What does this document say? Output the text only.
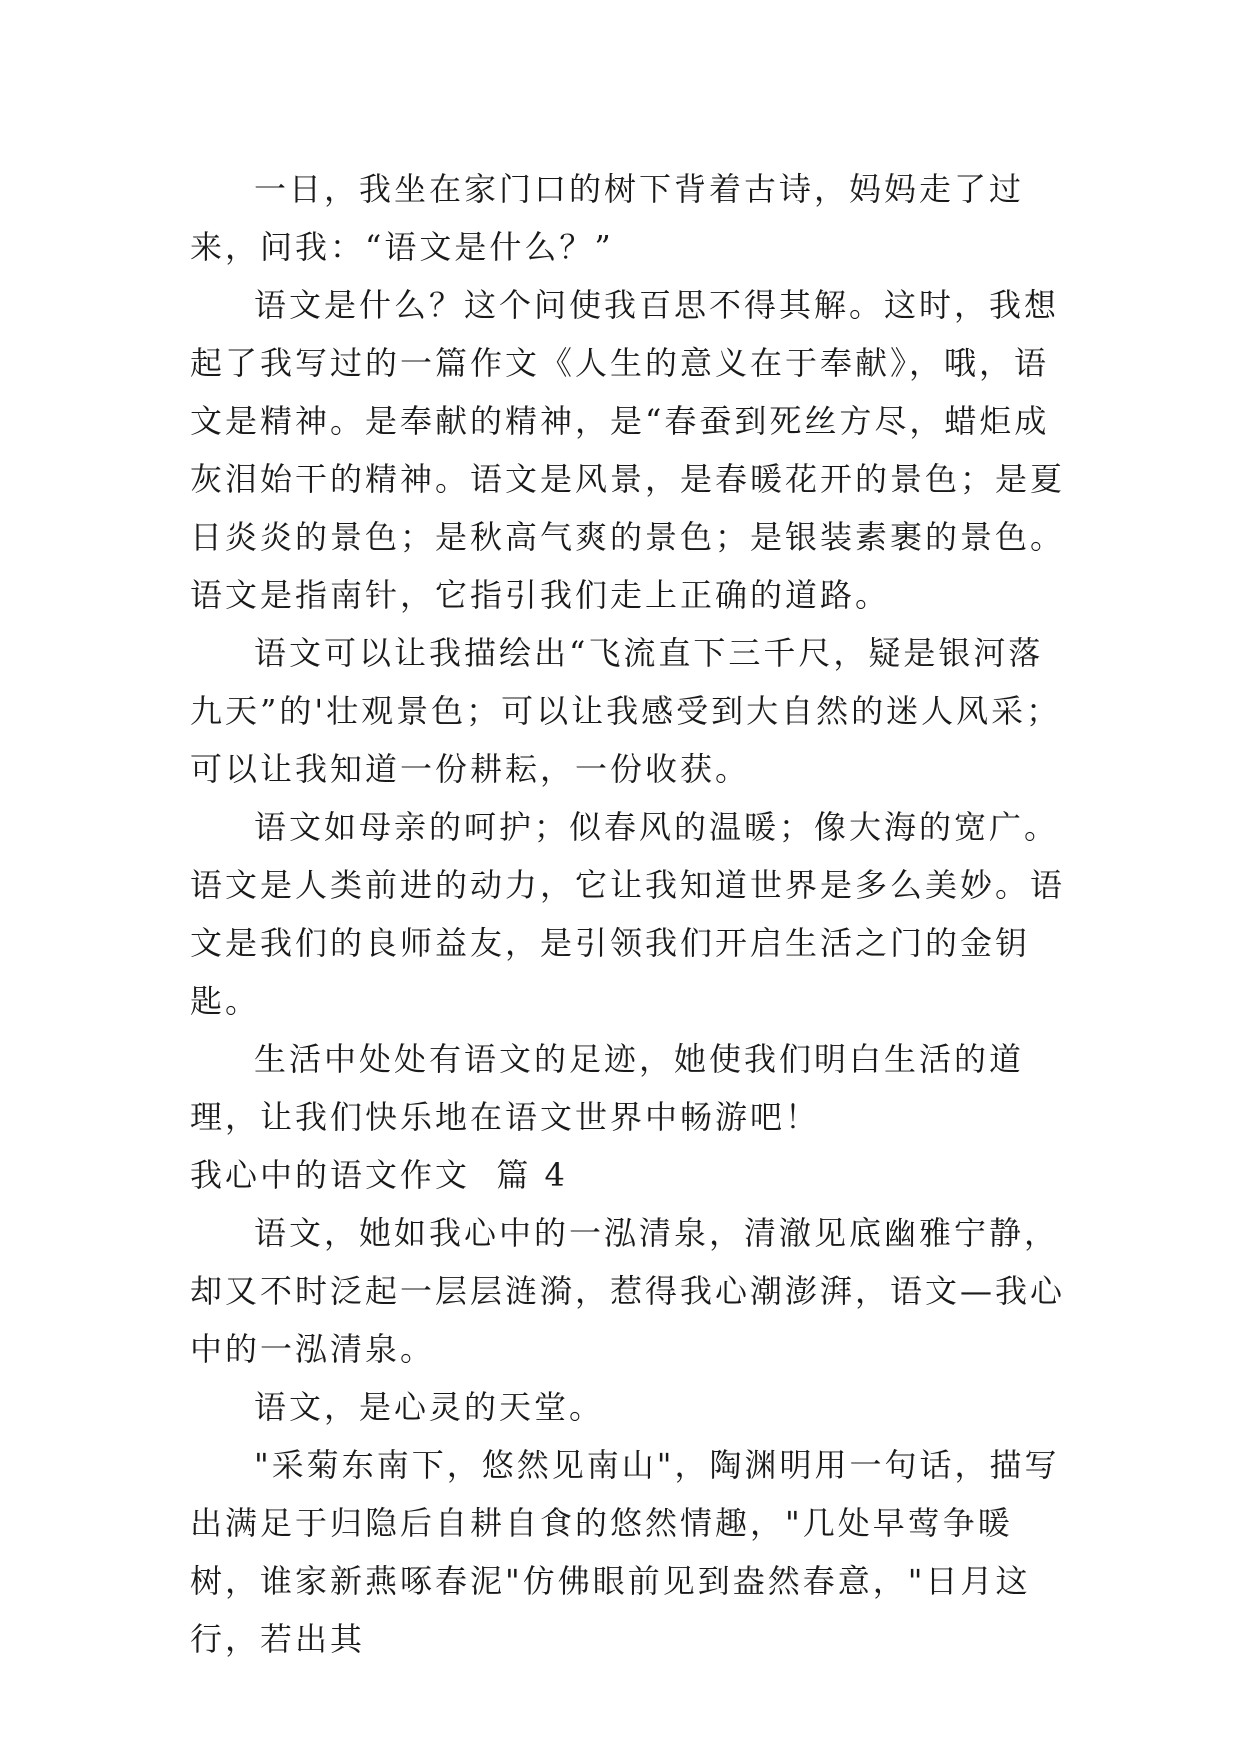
一日，我坐在家门口的树下背着古诗，妈妈走了过来，问我：“语文是什么？”

语文是什么？这个问使我百思不得其解。这时，我想起了我写过的一篇作文《人生的意义在于奉献》，哦，语文是精神。是奉献的精神，是“春蚕到死丝方尽，蜡炬成灰泪始干的精神。语文是风景，是春暖花开的景色；是夏日炎炎的景色；是秋高气爽的景色；是银装素裹的景色。语文是指南针，它指引我们走上正确的道路。

语文可以让我描绘出“飞流直下三千尺，疑是银河落九天”的'壮观景色；可以让我感受到大自然的迷人风采；可以让我知道一份耕耘，一份收获。

语文如母亲的呵护；似春风的温暖；像大海的宽广。语文是人类前进的动力，它让我知道世界是多么美妙。语文是我们的良师益友，是引领我们开启生活之门的金钥匙。

生活中处处有语文的足迹，她使我们明白生活的道理，让我们快乐地在语文世界中畅游吧！

我心中的语文作文  篇 4

语文，她如我心中的一泓清泉，清澈见底幽雅宁静，却又不时泛起一层层涟漪，惹得我心潮澎湃，语文—我心中的一泓清泉。

语文，是心灵的天堂。

"采菊东南下，悠然见南山"，陶渊明用一句话，描写出满足于归隐后自耕自食的悠然情趣，"几处早莺争暖树，谁家新燕啄春泥"仿佛眼前见到盎然春意，"日月这行，若出其
